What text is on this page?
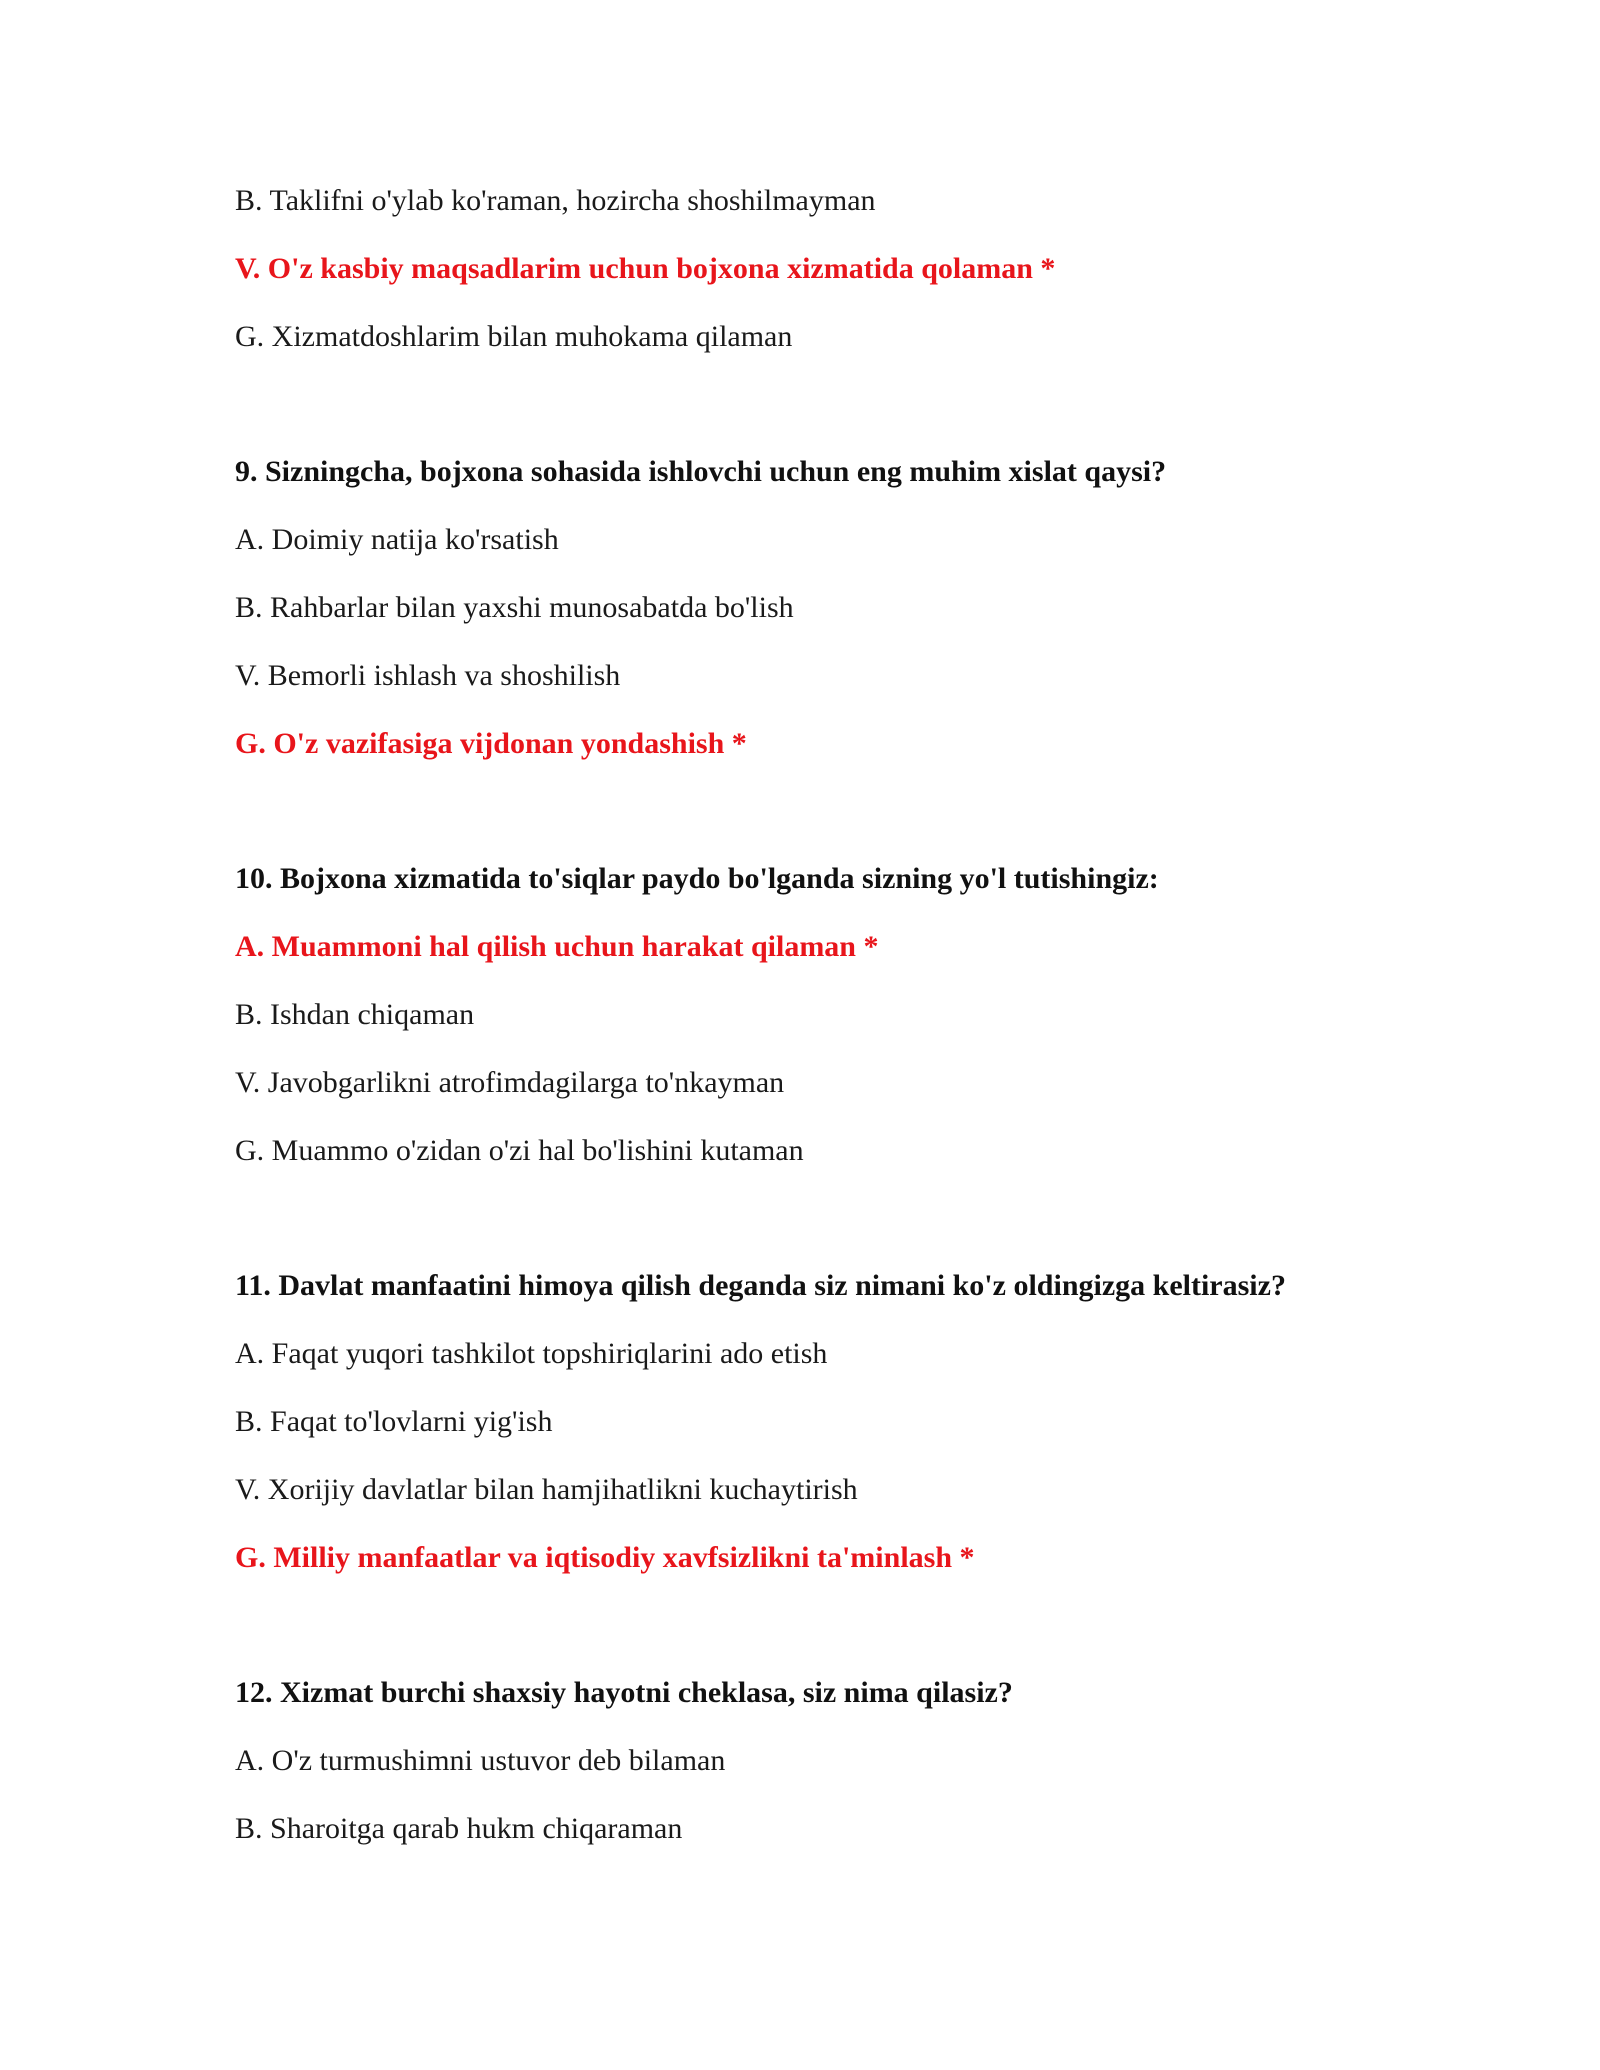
B. Taklifni o'ylab ko'raman, hozircha shoshilmayman
V. O'z kasbiy maqsadlarim uchun bojxona xizmatida qolaman *
G. Xizmatdoshlarim bilan muhokama qilaman
9. Sizningcha, bojxona sohasida ishlovchi uchun eng muhim xislat qaysi?
A. Doimiy natija ko'rsatish
B. Rahbarlar bilan yaxshi munosabatda bo'lish
V. Bemorli ishlash va shoshilish
G. O'z vazifasiga vijdonan yondashish *
10. Bojxona xizmatida to'siqlar paydo bo'lganda sizning yo'l tutishingiz:
A. Muammoni hal qilish uchun harakat qilaman *
B. Ishdan chiqaman
V. Javobgarlikni atrofimdagilarga to'nkayman
G. Muammo o'zidan o'zi hal bo'lishini kutaman
11. Davlat manfaatini himoya qilish deganda siz nimani ko'z oldingizga keltirasiz?
A. Faqat yuqori tashkilot topshiriqlarini ado etish
B. Faqat to'lovlarni yig'ish
V. Xorijiy davlatlar bilan hamjihatlikni kuchaytirish
G. Milliy manfaatlar va iqtisodiy xavfsizlikni ta'minlash *
12. Xizmat burchi shaxsiy hayotni cheklasa, siz nima qilasiz?
A. O'z turmushimni ustuvor deb bilaman
B. Sharoitga qarab hukm chiqaraman
